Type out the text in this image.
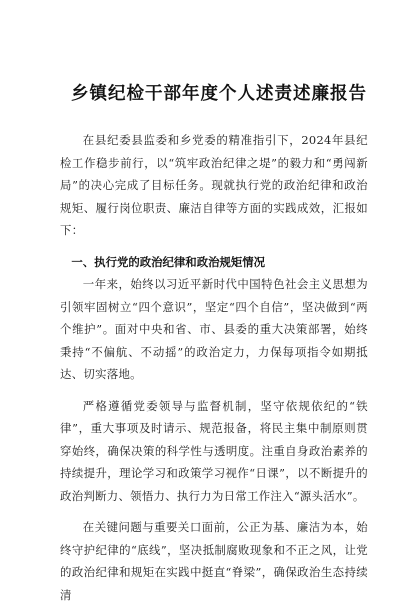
乡镇纪检干部年度个人述责述廉报告

在县纪委县监委和乡党委的精准指引下，2024年县纪检工作稳步前行，以“筑牢政治纪律之堤”的毅力和“勇闯新局”的决心完成了目标任务。现就执行党的政治纪律和政治规矩、履行岗位职责、廉洁自律等方面的实践成效，汇报如下：

一、执行党的政治纪律和政治规矩情况

一年来，始终以习近平新时代中国特色社会主义思想为引领牢固树立“四个意识”，坚定“四个自信”，坚决做到“两个维护”。面对中央和省、市、县委的重大决策部署，始终秉持“不偏航、不动摇”的政治定力，力保每项指令如期抵达、切实落地。

严格遵循党委领导与监督机制，坚守依规依纪的“铁律”，重大事项及时请示、规范报备，将民主集中制原则贯穿始终，确保决策的科学性与透明度。注重自身政治素养的持续提升，理论学习和政策学习视作“日课”，以不断提升的政治判断力、领悟力、执行力为日常工作注入“源头活水”。

在关键问题与重要关口面前，公正为基、廉洁为本，始终守护纪律的“底线”，坚决抵制腐败现象和不正之风，让党的政治纪律和规矩在实践中挺直“脊梁”，确保政治生态持续清
